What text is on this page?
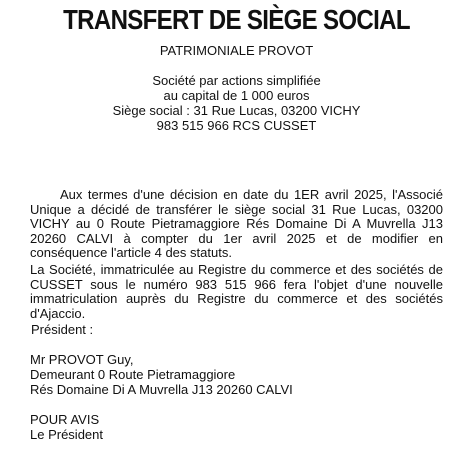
TRANSFERT DE SIÈGE SOCIAL
PATRIMONIALE PROVOT
Société par actions simplifiée
au capital de 1 000 euros
Siège social : 31 Rue Lucas, 03200 VICHY
983 515 966 RCS CUSSET
Aux termes d'une décision en date du 1ER avril 2025, l'Associé Unique a décidé de transférer le siège social 31 Rue Lucas, 03200 VICHY au 0 Route Pietramaggiore Rés Domaine Di A Muvrella J13 20260 CALVI à compter du 1er avril 2025 et de modifier en conséquence l'article 4 des statuts.
La Société, immatriculée au Registre du commerce et des sociétés de CUSSET sous le numéro 983 515 966 fera l'objet d'une nouvelle immatriculation auprès du Registre du commerce et des sociétés d'Ajaccio.
Président :
Mr PROVOT Guy,
Demeurant 0 Route Pietramaggiore
Rés Domaine Di A Muvrella J13 20260 CALVI
POUR AVIS
Le Président
